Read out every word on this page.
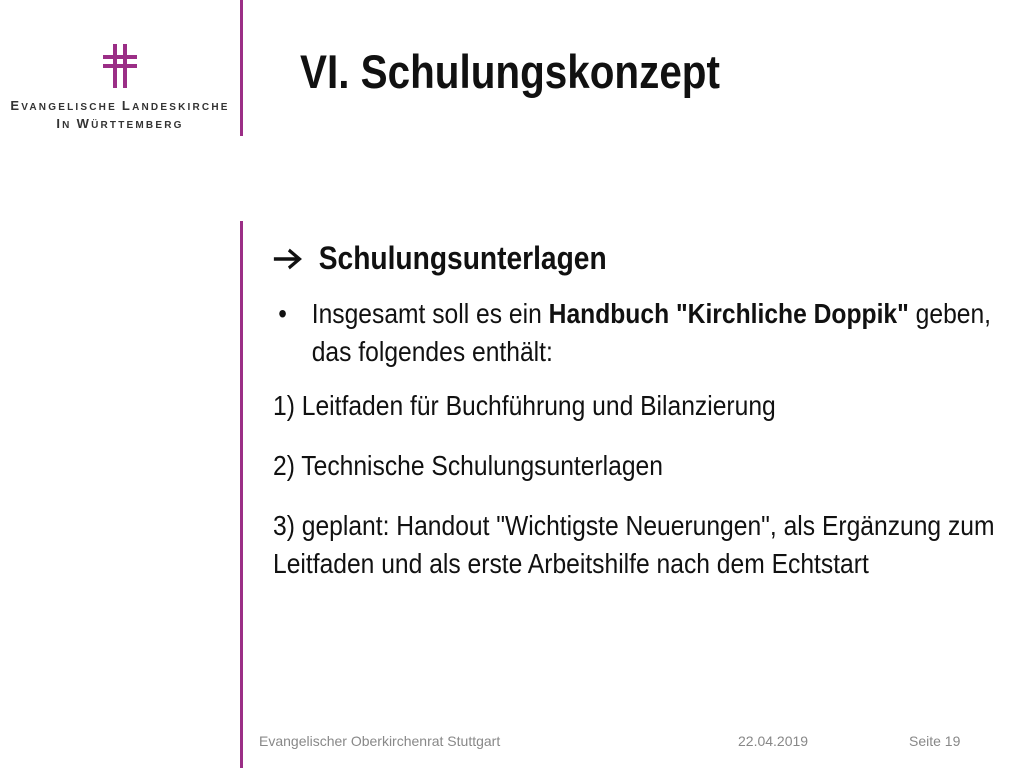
EVANGELISCHE LANDESKIRCHE
IN WÜRTTEMBERG
VI. Schulungskonzept
Schulungsunterlagen
• Insgesamt soll es ein Handbuch "Kirchliche Doppik" geben, das folgendes enthält:
1) Leitfaden für Buchführung und Bilanzierung
2) Technische Schulungsunterlagen
3) geplant: Handout "Wichtigste Neuerungen", als Ergänzung zum Leitfaden und als erste Arbeitshilfe nach dem Echtstart
Evangelischer Oberkirchenrat Stuttgart	22.04.2019	Seite 19
